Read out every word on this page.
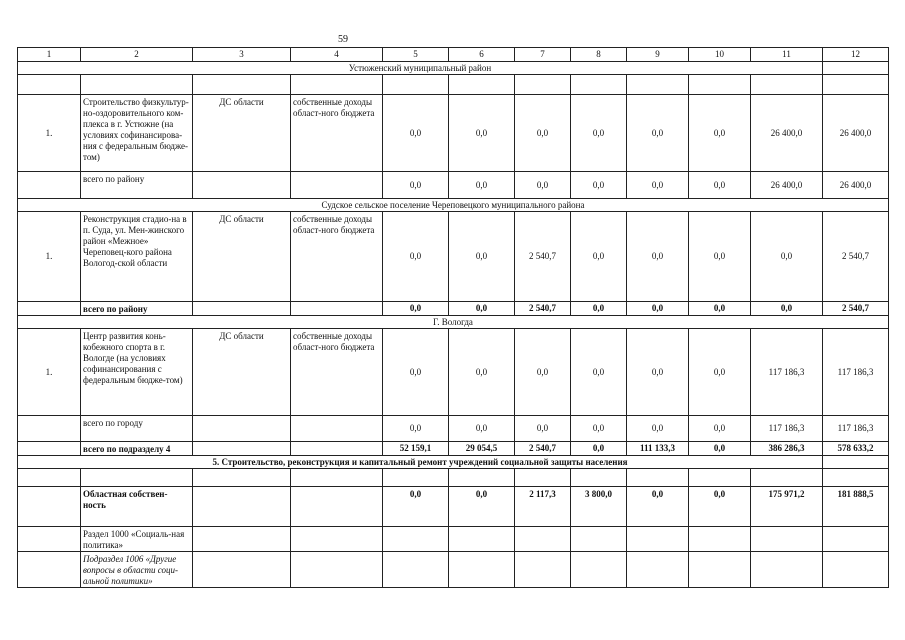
59
1	2	3	4	5	6	7	8	9	10	11	12
Устюженский муниципальный район											

1.	Строительство физкультур-но-оздоровительного ком-плекса в г. Устюжне (на условиях софинансирова-ния с федеральным бюдже-том)	ДС области	собственные доходы област-ного бюджета	0,0	0,0	0,0	0,0	0,0	0,0	26 400,0	26 400,0
	всего по району			0,0	0,0	0,0	0,0	0,0	0,0	26 400,0	26 400,0
Судское сельское поселение Череповецкого муниципального района											
1.	Реконструкция стадио-на в п. Суда, ул. Мен-жинского район «Межное» Череповец-кого района Вологод-ской области	ДС области	собственные доходы област-ного бюджета	0,0	0,0	2 540,7	0,0	0,0	0,0	0,0	2 540,7
	всего по району			0,0	0,0	2 540,7	0,0	0,0	0,0	0,0	2 540,7
Г. Вологда											
1.	Центр развития конь-кобежного спорта в г. Вологде (на условиях софинансирования с федеральным бюдже-том)	ДС области	собственные доходы област-ного бюджета	0,0	0,0	0,0	0,0	0,0	0,0	117 186,3	117 186,3
	всего по городу			0,0	0,0	0,0	0,0	0,0	0,0	117 186,3	117 186,3
	всего по подразделу 4			52 159,1	29 054,5	2 540,7	0,0	111 133,3	0,0	386 286,3	578 633,2
5. Строительство, реконструкция и капитальный ремонт учреждений социальной защиты населения											

	Областная собствен-ность			0,0	0,0	2 117,3	3 800,0	0,0	0,0	175 971,2	181 888,5
	Раздел 1000 «Социаль-ная политика»										
	Подраздел 1006 «Другие вопросы в области соци-альной политики»										
